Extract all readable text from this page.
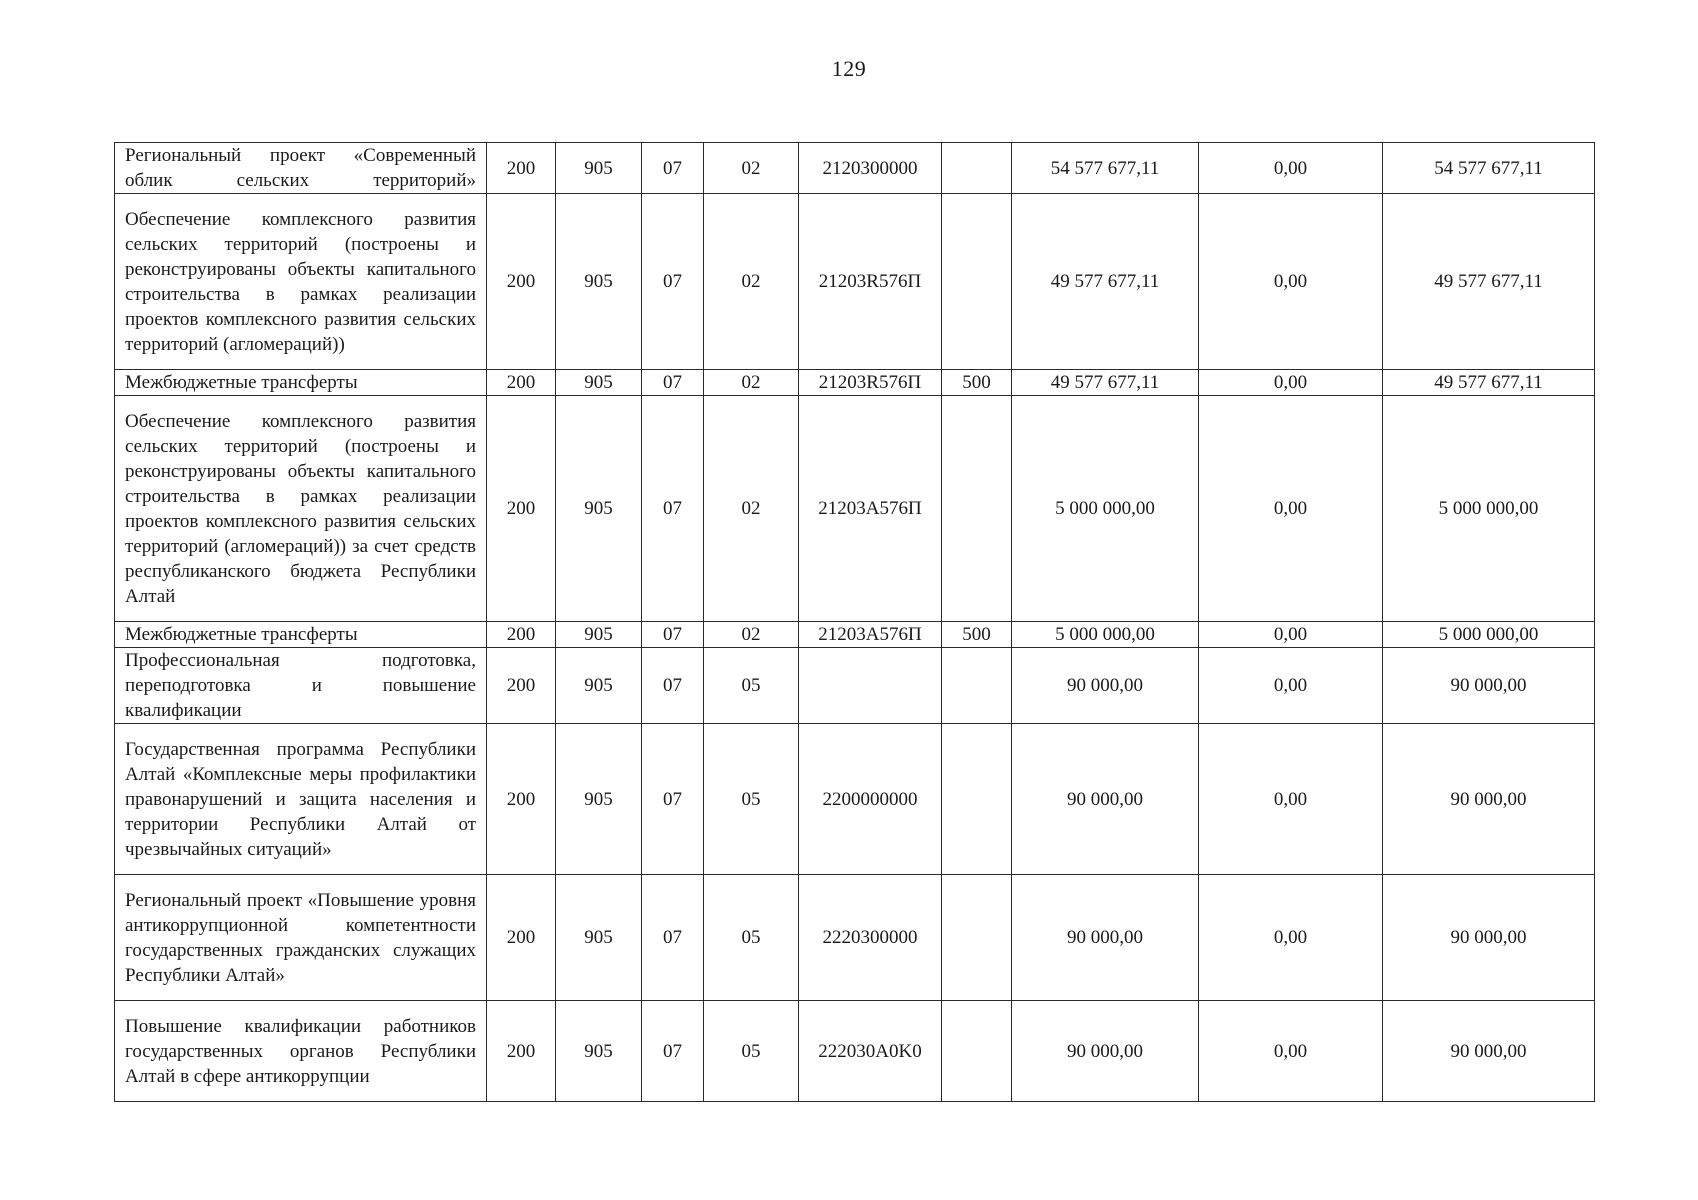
129
Региональный проект «Современный облик сельских территорий»	200	905	07	02	2120300000		54 577 677,11	0,00	54 577 677,11
Обеспечение комплексного развития сельских территорий (построены и реконструированы объекты капитального строительства в рамках реализации проектов комплексного развития сельских территорий (агломераций))	200	905	07	02	21203R576П		49 577 677,11	0,00	49 577 677,11
Межбюджетные трансферты	200	905	07	02	21203R576П	500	49 577 677,11	0,00	49 577 677,11
Обеспечение комплексного развития сельских территорий (построены и реконструированы объекты капитального строительства в рамках реализации проектов комплексного развития сельских территорий (агломераций)) за счет средств республиканского бюджета Республики Алтай	200	905	07	02	21203A576П		5 000 000,00	0,00	5 000 000,00
Межбюджетные трансферты	200	905	07	02	21203A576П	500	5 000 000,00	0,00	5 000 000,00
Профессиональная подготовка, переподготовка и повышение квалификации	200	905	07	05			90 000,00	0,00	90 000,00
Государственная программа Республики Алтай «Комплексные меры профилактики правонарушений и защита населения и территории Республики Алтай от чрезвычайных ситуаций»	200	905	07	05	2200000000		90 000,00	0,00	90 000,00
Региональный проект «Повышение уровня антикоррупционной компетентности государственных гражданских служащих Республики Алтай»	200	905	07	05	2220300000		90 000,00	0,00	90 000,00
Повышение квалификации работников государственных органов Республики Алтай в сфере антикоррупции	200	905	07	05	222030A0K0		90 000,00	0,00	90 000,00
